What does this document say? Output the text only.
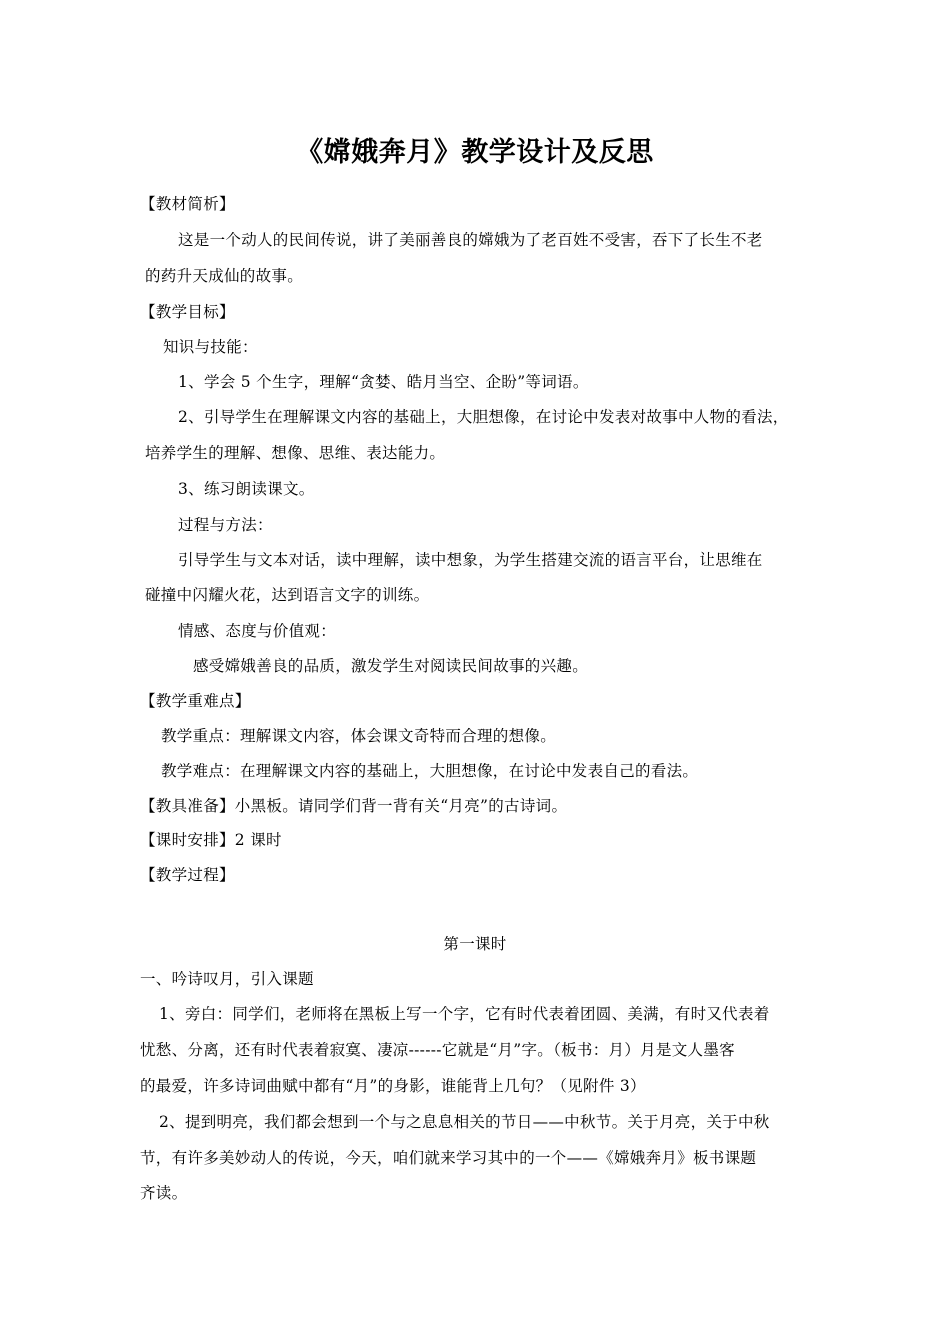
《嫦娥奔月》教学设计及反思
【教材简析】
这是一个动人的民间传说，讲了美丽善良的嫦娥为了老百姓不受害，吞下了长生不老
的药升天成仙的故事。
【教学目标】
知识与技能：
1、学会 5 个生字，理解“贪婪、皓月当空、企盼”等词语。
2、引导学生在理解课文内容的基础上，大胆想像，在讨论中发表对故事中人物的看法，
培养学生的理解、想像、思维、表达能力。
3、练习朗读课文。
过程与方法：
引导学生与文本对话，读中理解，读中想象，为学生搭建交流的语言平台，让思维在
碰撞中闪耀火花，达到语言文字的训练。
情感、态度与价值观：
感受嫦娥善良的品质，激发学生对阅读民间故事的兴趣。
【教学重难点】
教学重点：理解课文内容，体会课文奇特而合理的想像。
教学难点：在理解课文内容的基础上，大胆想像，在讨论中发表自己的看法。
【教具准备】小黑板。请同学们背一背有关“月亮”的古诗词。
【课时安排】2 课时
【教学过程】
第一课时
一、吟诗叹月，引入课题
1、旁白：同学们，老师将在黑板上写一个字，它有时代表着团圆、美满，有时又代表着
忧愁、分离，还有时代表着寂寞、凄凉------它就是“月”字。（板书：月）月是文人墨客
的最爱，许多诗词曲赋中都有“月”的身影，谁能背上几句？（见附件 3）
2、提到明亮，我们都会想到一个与之息息相关的节日——中秋节。关于月亮，关于中秋
节，有许多美妙动人的传说，今天，咱们就来学习其中的一个——《嫦娥奔月》板书课题
齐读。
